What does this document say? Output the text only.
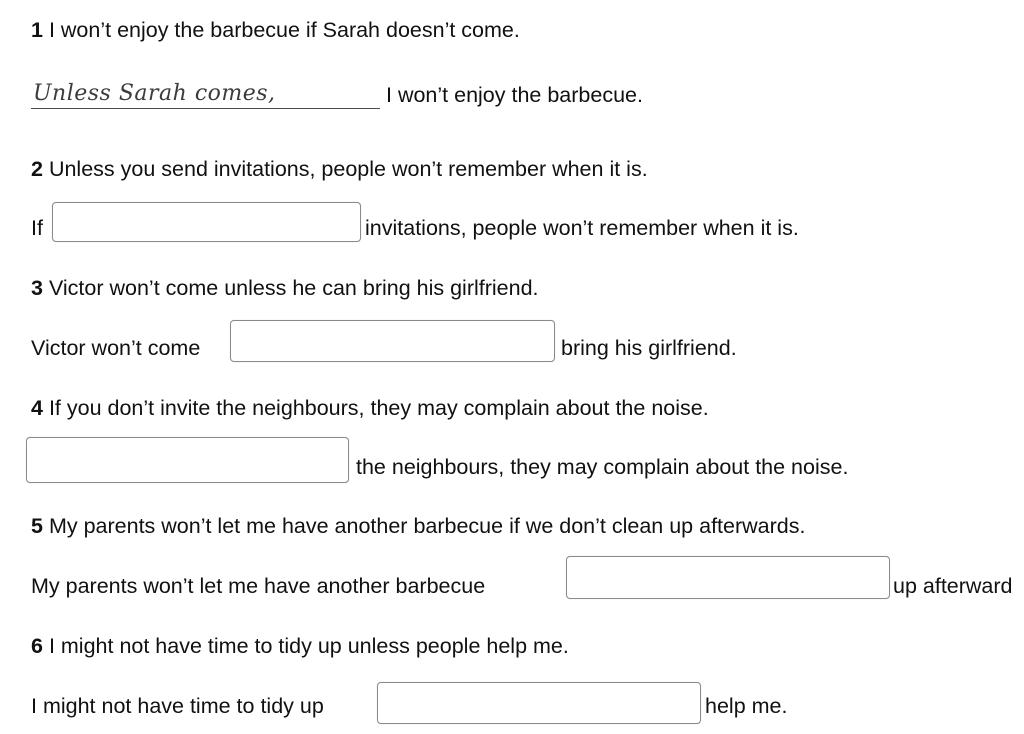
1 I won’t enjoy the barbecue if Sarah doesn’t come.
Unless Sarah comes,	I won’t enjoy the barbecue.
2 Unless you send invitations, people won’t remember when it is.
If	invitations, people won’t remember when it is.
3 Victor won’t come unless he can bring his girlfriend.
Victor won’t come	bring his girlfriend.
4 If you don’t invite the neighbours, they may complain about the noise.
the neighbours, they may complain about the noise.
5 My parents won’t let me have another barbecue if we don’t clean up afterwards.
My parents won’t let me have another barbecue	up afterward
6 I might not have time to tidy up unless people help me.
I might not have time to tidy up	help me.
